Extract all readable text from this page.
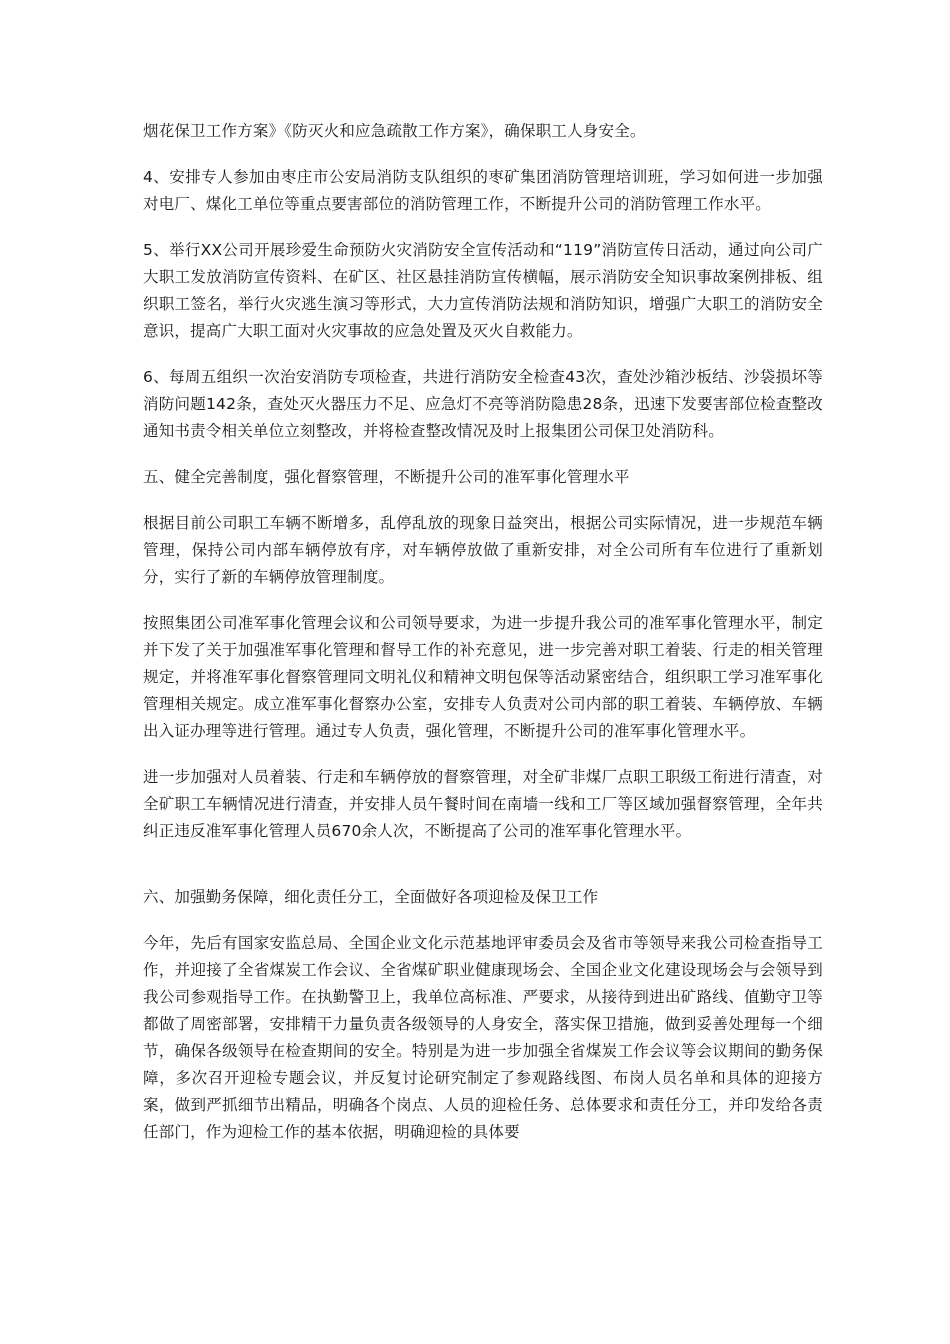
烟花保卫工作方案》《防灭火和应急疏散工作方案》，确保职工人身安全。

4、安排专人参加由枣庄市公安局消防支队组织的枣矿集团消防管理培训班，学习如何进一步加强对电厂、煤化工单位等重点要害部位的消防管理工作，不断提升公司的消防管理工作水平。

5、举行XX公司开展珍爱生命预防火灾消防安全宣传活动和“119”消防宣传日活动，通过向公司广大职工发放消防宣传资料、在矿区、社区悬挂消防宣传横幅，展示消防安全知识事故案例排板、组织职工签名，举行火灾逃生演习等形式，大力宣传消防法规和消防知识，增强广大职工的消防安全意识，提高广大职工面对火灾事故的应急处置及灭火自救能力。

6、每周五组织一次治安消防专项检查，共进行消防安全检查43次，查处沙箱沙板结、沙袋损坏等消防问题142条，查处灭火器压力不足、应急灯不亮等消防隐患28条，迅速下发要害部位检查整改通知书责令相关单位立刻整改，并将检查整改情况及时上报集团公司保卫处消防科。

五、健全完善制度，强化督察管理，不断提升公司的准军事化管理水平

根据目前公司职工车辆不断增多，乱停乱放的现象日益突出，根据公司实际情况，进一步规范车辆管理，保持公司内部车辆停放有序，对车辆停放做了重新安排，对全公司所有车位进行了重新划分，实行了新的车辆停放管理制度。

按照集团公司准军事化管理会议和公司领导要求，为进一步提升我公司的准军事化管理水平，制定并下发了关于加强准军事化管理和督导工作的补充意见，进一步完善对职工着装、行走的相关管理规定，并将准军事化督察管理同文明礼仪和精神文明包保等活动紧密结合，组织职工学习准军事化管理相关规定。成立准军事化督察办公室，安排专人负责对公司内部的职工着装、车辆停放、车辆出入证办理等进行管理。通过专人负责，强化管理，不断提升公司的准军事化管理水平。

进一步加强对人员着装、行走和车辆停放的督察管理，对全矿非煤厂点职工职级工衔进行清查，对全矿职工车辆情况进行清查，并安排人员午餐时间在南墙一线和工厂等区域加强督察管理，全年共纠正违反准军事化管理人员670余人次，不断提高了公司的准军事化管理水平。

六、加强勤务保障，细化责任分工，全面做好各项迎检及保卫工作

今年，先后有国家安监总局、全国企业文化示范基地评审委员会及省市等领导来我公司检查指导工作，并迎接了全省煤炭工作会议、全省煤矿职业健康现场会、全国企业文化建设现场会与会领导到我公司参观指导工作。在执勤警卫上，我单位高标准、严要求，从接待到进出矿路线、值勤守卫等都做了周密部署，安排精干力量负责各级领导的人身安全，落实保卫措施，做到妥善处理每一个细节，确保各级领导在检查期间的安全。特别是为进一步加强全省煤炭工作会议等会议期间的勤务保障，多次召开迎检专题会议，并反复讨论研究制定了参观路线图、布岗人员名单和具体的迎接方案，做到严抓细节出精品，明确各个岗点、人员的迎检任务、总体要求和责任分工，并印发给各责任部门，作为迎检工作的基本依据，明确迎检的具体要
